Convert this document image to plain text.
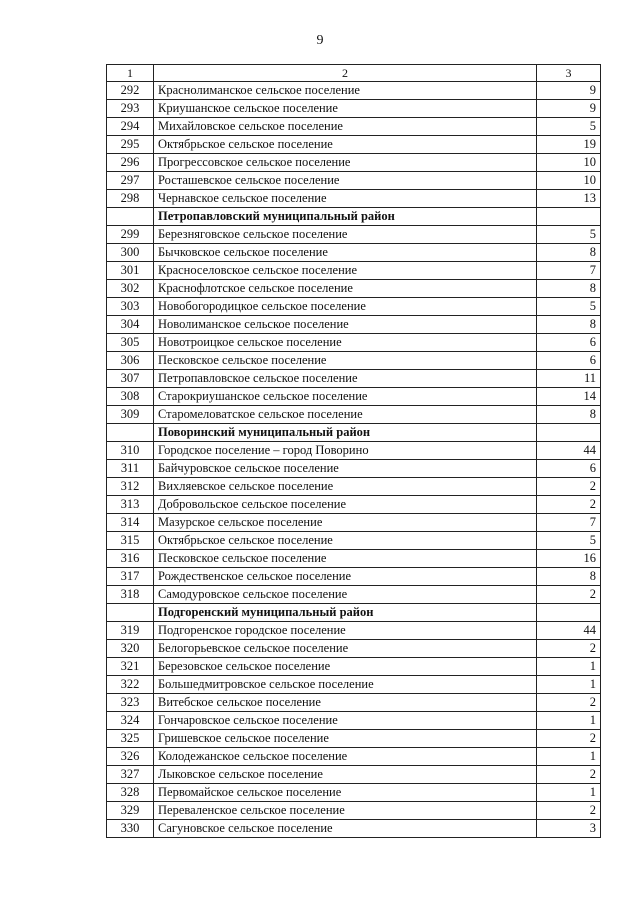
9
1	2	3
292	Краснолиманское сельское поселение	9
293	Криушанское сельское поселение	9
294	Михайловское сельское поселение	5
295	Октябрьское сельское поселение	19
296	Прогрессовское сельское поселение	10
297	Росташевское сельское поселение	10
298	Чернавское сельское поселение	13
	Петропавловский муниципальный район	
299	Березняговское сельское поселение	5
300	Бычковское сельское поселение	8
301	Красноселовское сельское поселение	7
302	Краснофлотское сельское поселение	8
303	Новобогородицкое сельское поселение	5
304	Новолиманское сельское поселение	8
305	Новотроицкое сельское поселение	6
306	Песковское сельское поселение	6
307	Петропавловское сельское поселение	11
308	Старокриушанское сельское поселение	14
309	Старомеловатское сельское поселение	8
	Поворинский муниципальный район	
310	Городское поселение – город Поворино	44
311	Байчуровское сельское поселение	6
312	Вихляевское сельское поселение	2
313	Добровольское сельское поселение	2
314	Мазурское сельское поселение	7
315	Октябрьское сельское поселение	5
316	Песковское сельское поселение	16
317	Рождественское сельское поселение	8
318	Самодуровское сельское поселение	2
	Подгоренский муниципальный район	
319	Подгоренское городское поселение	44
320	Белогорьевское сельское поселение	2
321	Березовское сельское поселение	1
322	Большедмитровское сельское поселение	1
323	Витебское сельское поселение	2
324	Гончаровское сельское поселение	1
325	Гришевское сельское поселение	2
326	Колодежанское сельское поселение	1
327	Лыковское сельское поселение	2
328	Первомайское сельское поселение	1
329	Переваленское сельское поселение	2
330	Сагуновское сельское поселение	3
